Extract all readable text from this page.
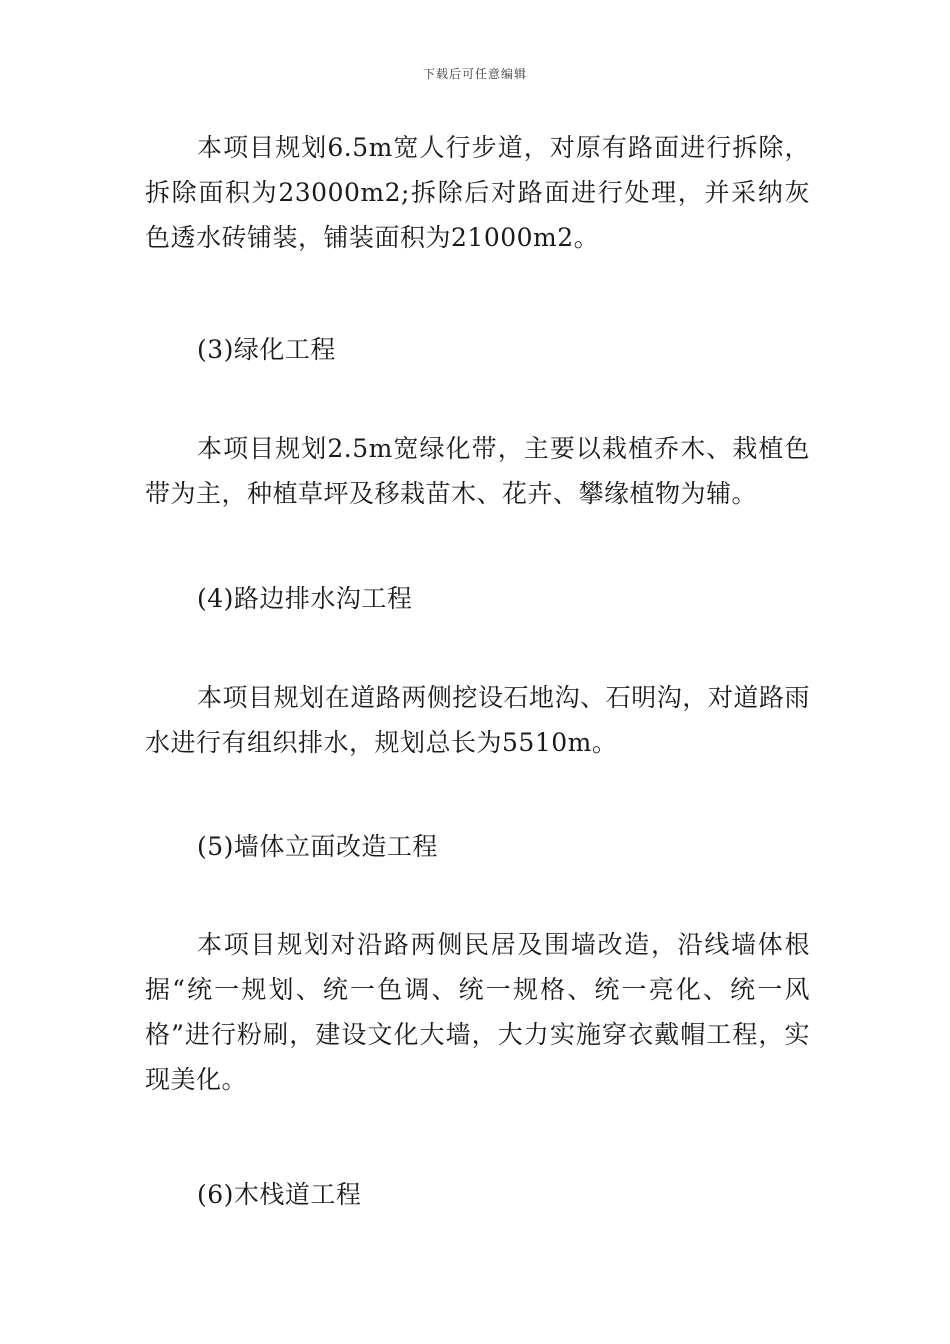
下载后可任意编辑

本项目规划6.5m宽人行步道，对原有路面进行拆除，拆除面积为23000m2;拆除后对路面进行处理，并采纳灰色透水砖铺装，铺装面积为21000m2。

(3)绿化工程

本项目规划2.5m宽绿化带，主要以栽植乔木、栽植色带为主，种植草坪及移栽苗木、花卉、攀缘植物为辅。

(4)路边排水沟工程

本项目规划在道路两侧挖设石地沟、石明沟，对道路雨水进行有组织排水，规划总长为5510m。

(5)墙体立面改造工程

本项目规划对沿路两侧民居及围墙改造，沿线墙体根据“统一规划、统一色调、统一规格、统一亮化、统一风格”进行粉刷，建设文化大墙，大力实施穿衣戴帽工程，实现美化。

(6)木栈道工程
